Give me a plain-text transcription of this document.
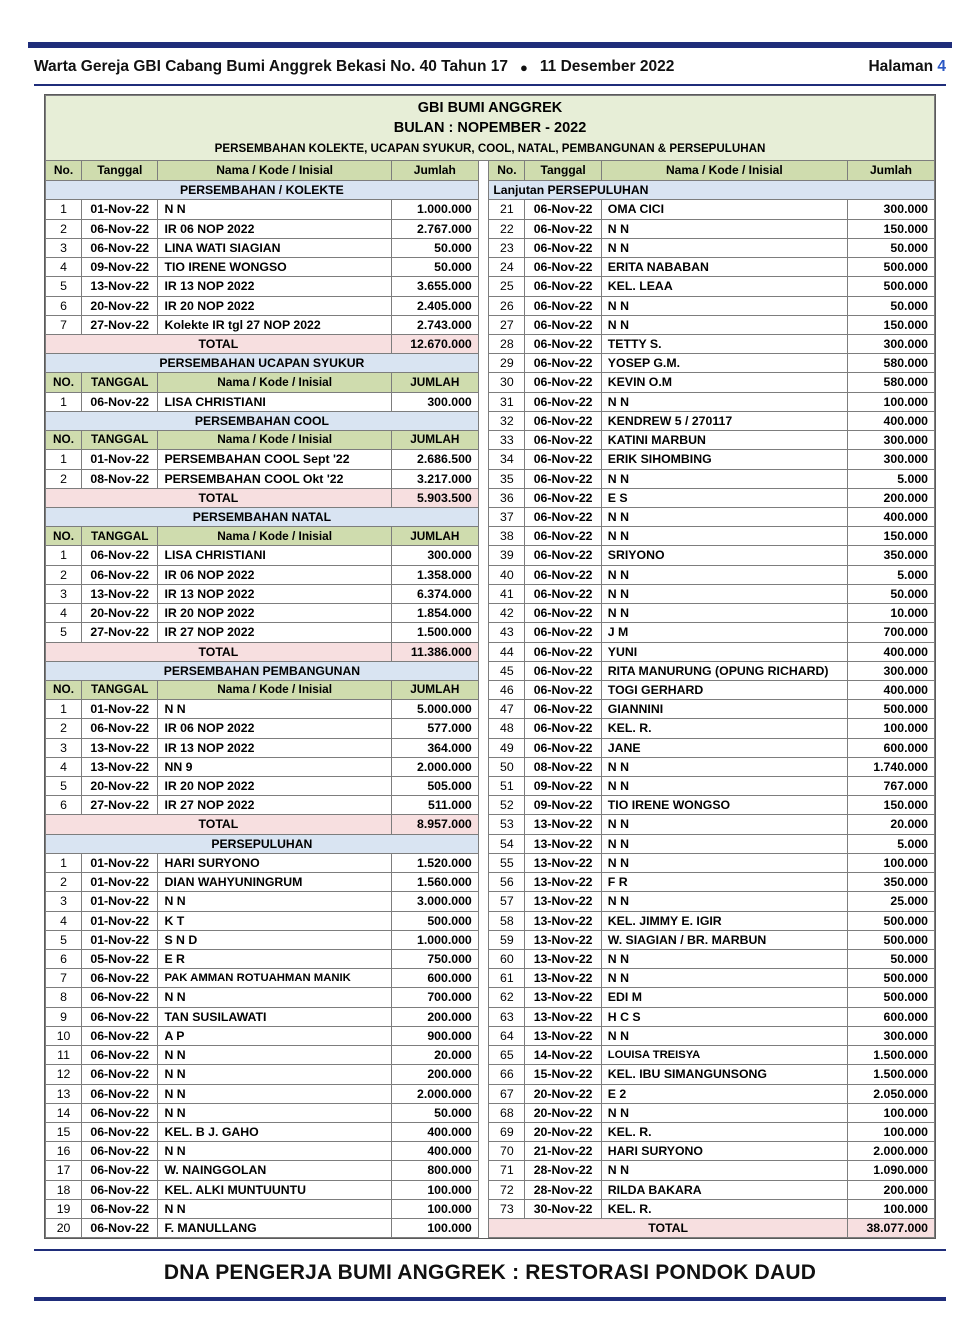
Warta Gereja GBI Cabang Bumi Anggrek Bekasi No. 40 Tahun 17 ● 11 Desember 2022	Halaman 4
GBI BUMI ANGGREK								
BULAN : NOPEMBER - 2022								
PERSEMBAHAN KOLEKTE, UCAPAN SYUKUR, COOL, NATAL, PEMBANGUNAN & PERSEPULUHAN								
No.	Tanggal	Nama / Kode / Inisial	Jumlah		No.	Tanggal	Nama / Kode / Inisial	Jumlah
PERSEMBAHAN / KOLEKTE					Lanjutan PERSEPULUHAN			
1	01-Nov-22	N N	1.000.000		21	06-Nov-22	OMA CICI	300.000
2	06-Nov-22	IR 06 NOP 2022	2.767.000		22	06-Nov-22	N N	150.000
3	06-Nov-22	LINA WATI SIAGIAN	50.000		23	06-Nov-22	N N	50.000
4	09-Nov-22	TIO IRENE WONGSO	50.000		24	06-Nov-22	ERITA NABABAN	500.000
5	13-Nov-22	IR 13 NOP 2022	3.655.000		25	06-Nov-22	KEL. LEAA	500.000
6	20-Nov-22	IR 20 NOP 2022	2.405.000		26	06-Nov-22	N N	50.000
7	27-Nov-22	Kolekte IR tgl 27 NOP 2022	2.743.000		27	06-Nov-22	N N	150.000
TOTAL			12.670.000		28	06-Nov-22	TETTY S.	300.000
PERSEMBAHAN UCAPAN SYUKUR					29	06-Nov-22	YOSEP G.M.	580.000
NO.	TANGGAL	Nama / Kode / Inisial	JUMLAH		30	06-Nov-22	KEVIN O.M	580.000
1	06-Nov-22	LISA CHRISTIANI	300.000		31	06-Nov-22	N N	100.000
PERSEMBAHAN COOL					32	06-Nov-22	KENDREW 5 / 270117	400.000
NO.	TANGGAL	Nama / Kode / Inisial	JUMLAH		33	06-Nov-22	KATINI MARBUN	300.000
1	01-Nov-22	PERSEMBAHAN COOL Sept '22	2.686.500		34	06-Nov-22	ERIK SIHOMBING	300.000
2	08-Nov-22	PERSEMBAHAN COOL Okt '22	3.217.000		35	06-Nov-22	N N	5.000
TOTAL			5.903.500		36	06-Nov-22	E S	200.000
PERSEMBAHAN NATAL					37	06-Nov-22	N N	400.000
NO.	TANGGAL	Nama / Kode / Inisial	JUMLAH		38	06-Nov-22	N N	150.000
1	06-Nov-22	LISA CHRISTIANI	300.000		39	06-Nov-22	SRIYONO	350.000
2	06-Nov-22	IR 06 NOP 2022	1.358.000		40	06-Nov-22	N N	5.000
3	13-Nov-22	IR 13 NOP 2022	6.374.000		41	06-Nov-22	N N	50.000
4	20-Nov-22	IR 20 NOP 2022	1.854.000		42	06-Nov-22	N N	10.000
5	27-Nov-22	IR 27 NOP 2022	1.500.000		43	06-Nov-22	J M	700.000
TOTAL			11.386.000		44	06-Nov-22	YUNI	400.000
PERSEMBAHAN PEMBANGUNAN					45	06-Nov-22	RITA MANURUNG (OPUNG RICHARD)	300.000
NO.	TANGGAL	Nama / Kode / Inisial	JUMLAH		46	06-Nov-22	TOGI GERHARD	400.000
1	01-Nov-22	N N	5.000.000		47	06-Nov-22	GIANNINI	500.000
2	06-Nov-22	IR 06 NOP 2022	577.000		48	06-Nov-22	KEL. R.	100.000
3	13-Nov-22	IR 13 NOP 2022	364.000		49	06-Nov-22	JANE	600.000
4	13-Nov-22	NN 9	2.000.000		50	08-Nov-22	N N	1.740.000
5	20-Nov-22	IR 20 NOP 2022	505.000		51	09-Nov-22	N N	767.000
6	27-Nov-22	IR 27 NOP 2022	511.000		52	09-Nov-22	TIO IRENE WONGSO	150.000
TOTAL			8.957.000		53	13-Nov-22	N N	20.000
PERSEPULUHAN					54	13-Nov-22	N N	5.000
1	01-Nov-22	HARI SURYONO	1.520.000		55	13-Nov-22	N N	100.000
2	01-Nov-22	DIAN WAHYUNINGRUM	1.560.000		56	13-Nov-22	F R	350.000
3	01-Nov-22	N N	3.000.000		57	13-Nov-22	N N	25.000
4	01-Nov-22	K T	500.000		58	13-Nov-22	KEL. JIMMY E. IGIR	500.000
5	01-Nov-22	S N D	1.000.000		59	13-Nov-22	W. SIAGIAN / BR. MARBUN	500.000
6	05-Nov-22	E R	750.000		60	13-Nov-22	N N	50.000
7	06-Nov-22	PAK AMMAN ROTUAHMAN MANIK	600.000		61	13-Nov-22	N N	500.000
8	06-Nov-22	N N	700.000		62	13-Nov-22	EDI M	500.000
9	06-Nov-22	TAN SUSILAWATI	200.000		63	13-Nov-22	H C S	600.000
10	06-Nov-22	A P	900.000		64	13-Nov-22	N N	300.000
11	06-Nov-22	N N	20.000		65	14-Nov-22	LOUISA TREISYA	1.500.000
12	06-Nov-22	N N	200.000		66	15-Nov-22	KEL. IBU SIMANGUNSONG	1.500.000
13	06-Nov-22	N N	2.000.000		67	20-Nov-22	E 2	2.050.000
14	06-Nov-22	N N	50.000		68	20-Nov-22	N N	100.000
15	06-Nov-22	KEL. B J. GAHO	400.000		69	20-Nov-22	KEL. R.	100.000
16	06-Nov-22	N N	400.000		70	21-Nov-22	HARI SURYONO	2.000.000
17	06-Nov-22	W. NAINGGOLAN	800.000		71	28-Nov-22	N N	1.090.000
18	06-Nov-22	KEL. ALKI MUNTUUNTU	100.000		72	28-Nov-22	RILDA BAKARA	200.000
19	06-Nov-22	N N	100.000		73	30-Nov-22	KEL. R.	100.000
20	06-Nov-22	F. MANULLANG	100.000		TOTAL			38.077.000
DNA PENGERJA BUMI ANGGREK : RESTORASI PONDOK DAUD
